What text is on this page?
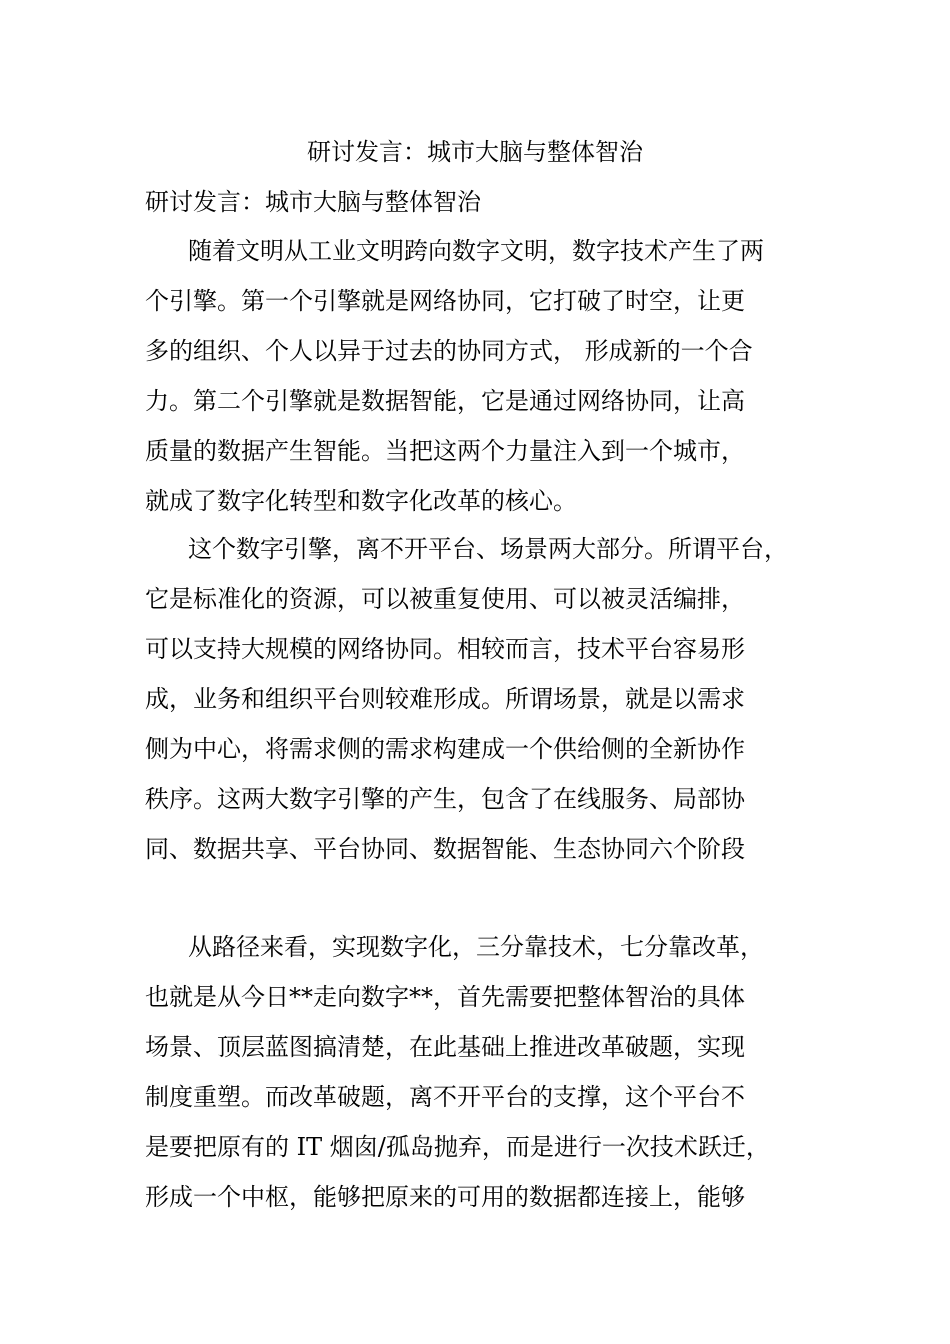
研讨发言：城市大脑与整体智治
研讨发言：城市大脑与整体智治
随着文明从工业文明跨向数字文明，数字技术产生了两
个引擎。第一个引擎就是网络协同，它打破了时空，让更
多的组织、个人以异于过去的协同方式， 形成新的一个合
力。第二个引擎就是数据智能，它是通过网络协同，让高
质量的数据产生智能。当把这两个力量注入到一个城市，
就成了数字化转型和数字化改革的核心。
这个数字引擎，离不开平台、场景两大部分。所谓平台，
它是标准化的资源，可以被重复使用、可以被灵活编排，
可以支持大规模的网络协同。相较而言，技术平台容易形
成，业务和组织平台则较难形成。所谓场景，就是以需求
侧为中心，将需求侧的需求构建成一个供给侧的全新协作
秩序。这两大数字引擎的产生，包含了在线服务、局部协
同、数据共享、平台协同、数据智能、生态协同六个阶段
从路径来看，实现数字化，三分靠技术，七分靠改革，
也就是从今日**走向数字**，首先需要把整体智治的具体
场景、顶层蓝图搞清楚，在此基础上推进改革破题，实现
制度重塑。而改革破题，离不开平台的支撑，这个平台不
是要把原有的 IT 烟囱/孤岛抛弃，而是进行一次技术跃迁，
形成一个中枢，能够把原来的可用的数据都连接上，能够
